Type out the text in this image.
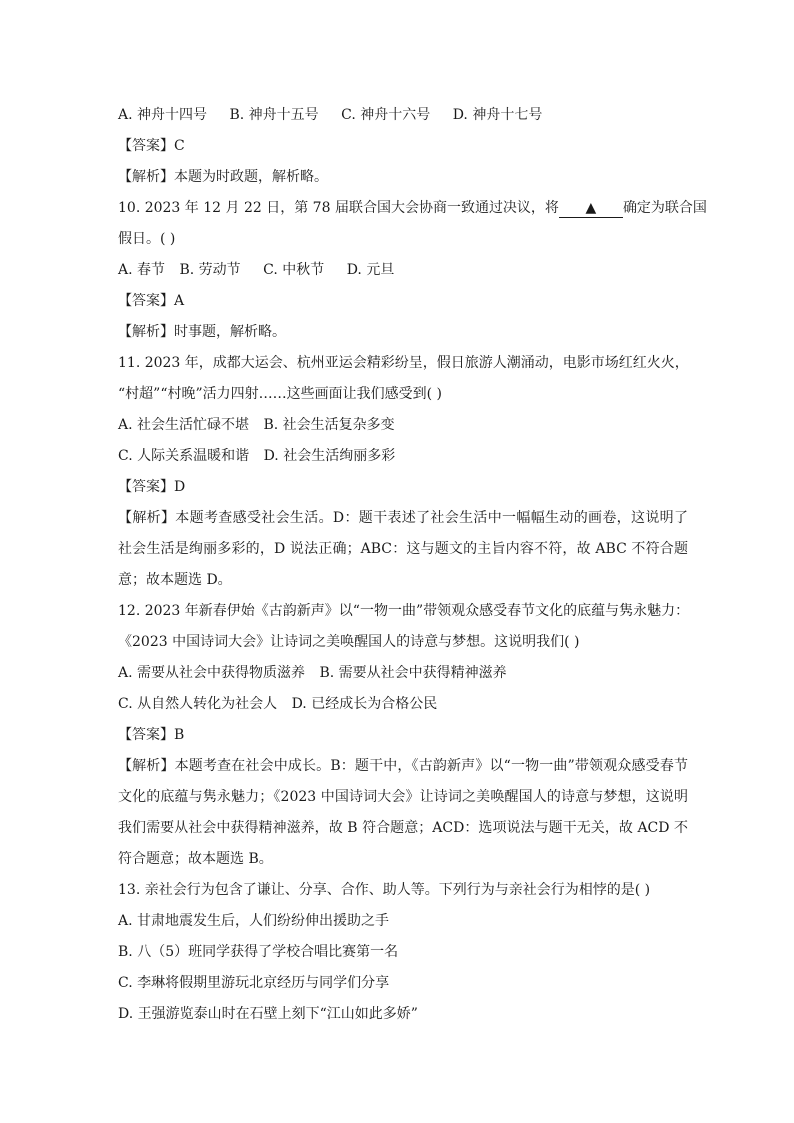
A. 神舟十四号 B. 神舟十五号 C. 神舟十六号 D. 神舟十七号
【答案】C
【解析】本题为时政题，解析略。
10. 2023 年 12 月 22 日，第 78 届联合国大会协商一致通过决议，将 ▲ 确定为联合国
假日。( )
A. 春节 B. 劳动节 C. 中秋节 D. 元旦
【答案】A
【解析】时事题，解析略。
11. 2023 年，成都大运会、杭州亚运会精彩纷呈，假日旅游人潮涌动，电影市场红红火火，
“村超”“村晚”活力四射……这些画面让我们感受到( )
A. 社会生活忙碌不堪 B. 社会生活复杂多变
C. 人际关系温暖和谐 D. 社会生活绚丽多彩
【答案】D
【解析】本题考查感受社会生活。D：题干表述了社会生活中一幅幅生动的画卷，这说明了社会生活是绚丽多彩的，D 说法正确；ABC：这与题文的主旨内容不符，故 ABC 不符合题意；故本题选 D。
12. 2023 年新春伊始《古韵新声》以“一物一曲”带领观众感受春节文化的底蕴与隽永魅力：
《2023 中国诗词大会》让诗词之美唤醒国人的诗意与梦想。这说明我们( )
A. 需要从社会中获得物质滋养 B. 需要从社会中获得精神滋养
C. 从自然人转化为社会人 D. 已经成长为合格公民
【答案】B
【解析】本题考查在社会中成长。B：题干中，《古韵新声》以“一物一曲”带领观众感受春节文化的底蕴与隽永魅力；《2023 中国诗词大会》让诗词之美唤醒国人的诗意与梦想，这说明我们需要从社会中获得精神滋养，故 B 符合题意；ACD：选项说法与题干无关，故 ACD 不符合题意；故本题选 B。
13. 亲社会行为包含了谦让、分享、合作、助人等。下列行为与亲社会行为相悖的是( )
A. 甘肃地震发生后，人们纷纷伸出援助之手
B. 八（5）班同学获得了学校合唱比赛第一名
C. 李琳将假期里游玩北京经历与同学们分享
D. 王强游览泰山时在石壁上刻下“江山如此多娇”
